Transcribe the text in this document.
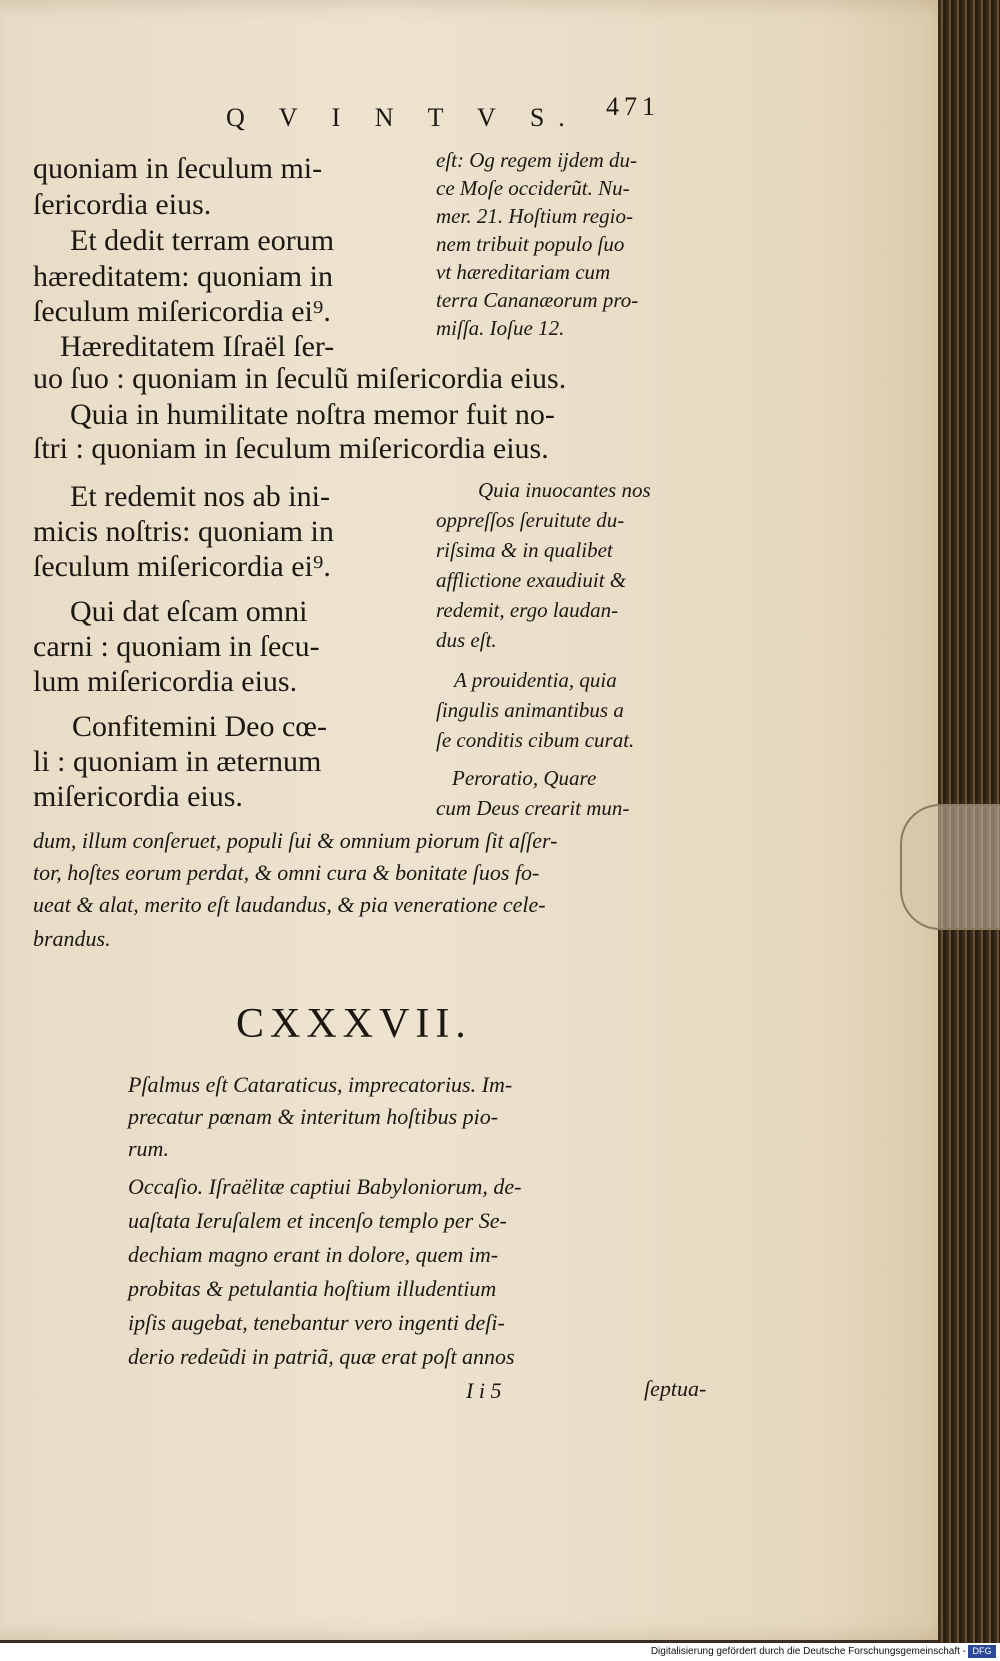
Q V I N T V S. 471

quoniam in ſeculum mi-

ſericordia eius.

Et dedit terram eorum

hæreditatem: quoniam in

ſeculum miſericordia ei⁹.

Hæreditatem Iſraël ſer-

uo ſuo : quoniam in ſeculũ miſericordia eius.

Quia in humilitate noſtra memor fuit no-

ſtri : quoniam in ſeculum miſericordia eius.

Et redemit nos ab ini-

micis noſtris: quoniam in

ſeculum miſericordia ei⁹.

Qui dat eſcam omni

carni : quoniam in ſecu-

lum miſericordia eius.

Confitemini Deo cœ-

li : quoniam in æternum

miſericordia eius.

eſt: Og regem ijdem du-

ce Moſe occiderũt. Nu-

mer. 21. Hoſtium regio-

nem tribuit populo ſuo

vt hæreditariam cum

terra Cananæorum pro-

miſſa. Ioſue 12.

Quia inuocantes nos

oppreſſos ſeruitute du-

riſsima & in qualibet

afflictione exaudiuit &

redemit, ergo laudan-

dus eſt.

A prouidentia, quia

ſingulis animantibus a

ſe conditis cibum curat.

Peroratio, Quare

cum Deus crearit mun-

dum, illum conſeruet, populi ſui & omnium piorum ſit aſſer-

tor, hoſtes eorum perdat, & omni cura & bonitate ſuos fo-

ueat & alat, merito eſt laudandus, & pia veneratione cele-

brandus.

CXXXVII.

Pſalmus eſt Cataraticus, imprecatorius. Im-

precatur pœnam & interitum hoſtibus pio-

rum.

Occaſio. Iſraëlitæ captiui Babyloniorum, de-

uaſtata Ieruſalem et incenſo templo per Se-

dechiam magno erant in dolore, quem im-

probitas & petulantia hoſtium illudentium

ipſis augebat, tenebantur vero ingenti deſi-

derio redeũdi in patriã, quæ erat poſt annos

I i 5	ſeptua-

Digitalisierung gefördert durch die Deutsche Forschungsgemeinschaft - DFG
